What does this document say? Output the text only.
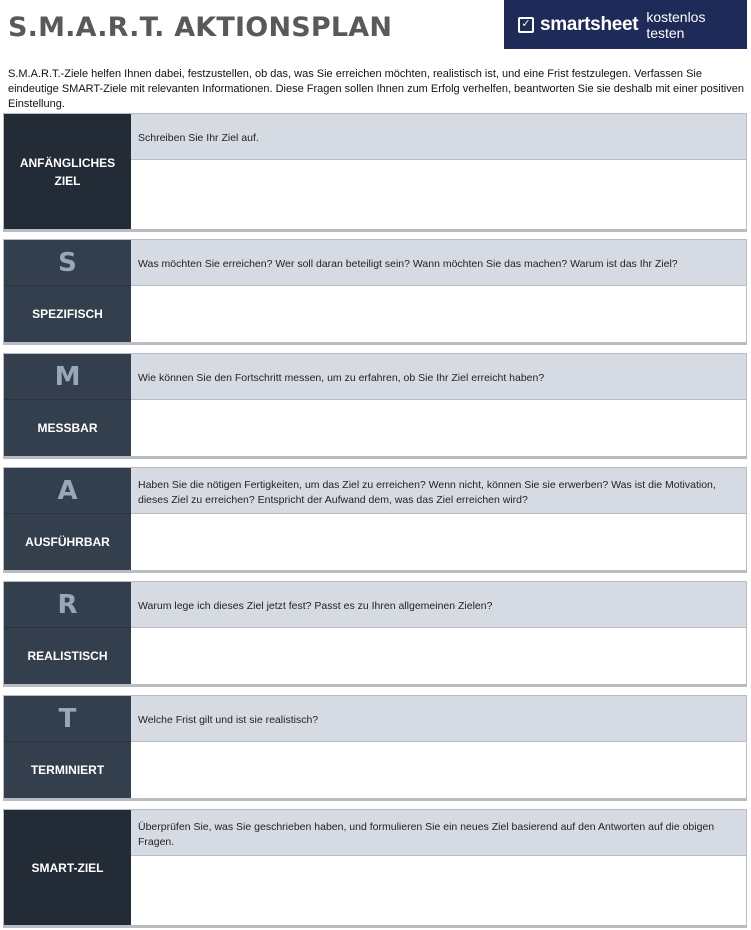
S.M.A.R.T. AKTIONSPLAN	✓ smartsheet kostenlos testen

S.M.A.R.T.-Ziele helfen Ihnen dabei, festzustellen, ob das, was Sie erreichen möchten, realistisch ist, und eine Frist festzulegen. Verfassen Sie eindeutige SMART-Ziele mit relevanten Informationen. Diese Fragen sollen Ihnen zum Erfolg verhelfen, beantworten Sie sie deshalb mit einer positiven Einstellung.

ANFÄNGLICHES ZIEL
Schreiben Sie Ihr Ziel auf.
S
SPEZIFISCH
Was möchten Sie erreichen? Wer soll daran beteiligt sein? Wann möchten Sie das machen? Warum ist das Ihr Ziel?
M
MESSBAR
Wie können Sie den Fortschritt messen, um zu erfahren, ob Sie Ihr Ziel erreicht haben?
A
AUSFÜHRBAR
Haben Sie die nötigen Fertigkeiten, um das Ziel zu erreichen? Wenn nicht, können Sie sie erwerben? Was ist die Motivation, dieses Ziel zu erreichen? Entspricht der Aufwand dem, was das Ziel erreichen wird?
R
REALISTISCH
Warum lege ich dieses Ziel jetzt fest? Passt es zu Ihren allgemeinen Zielen?
T
TERMINIERT
Welche Frist gilt und ist sie realistisch?
SMART-ZIEL
Überprüfen Sie, was Sie geschrieben haben, und formulieren Sie ein neues Ziel basierend auf den Antworten auf die obigen Fragen.
